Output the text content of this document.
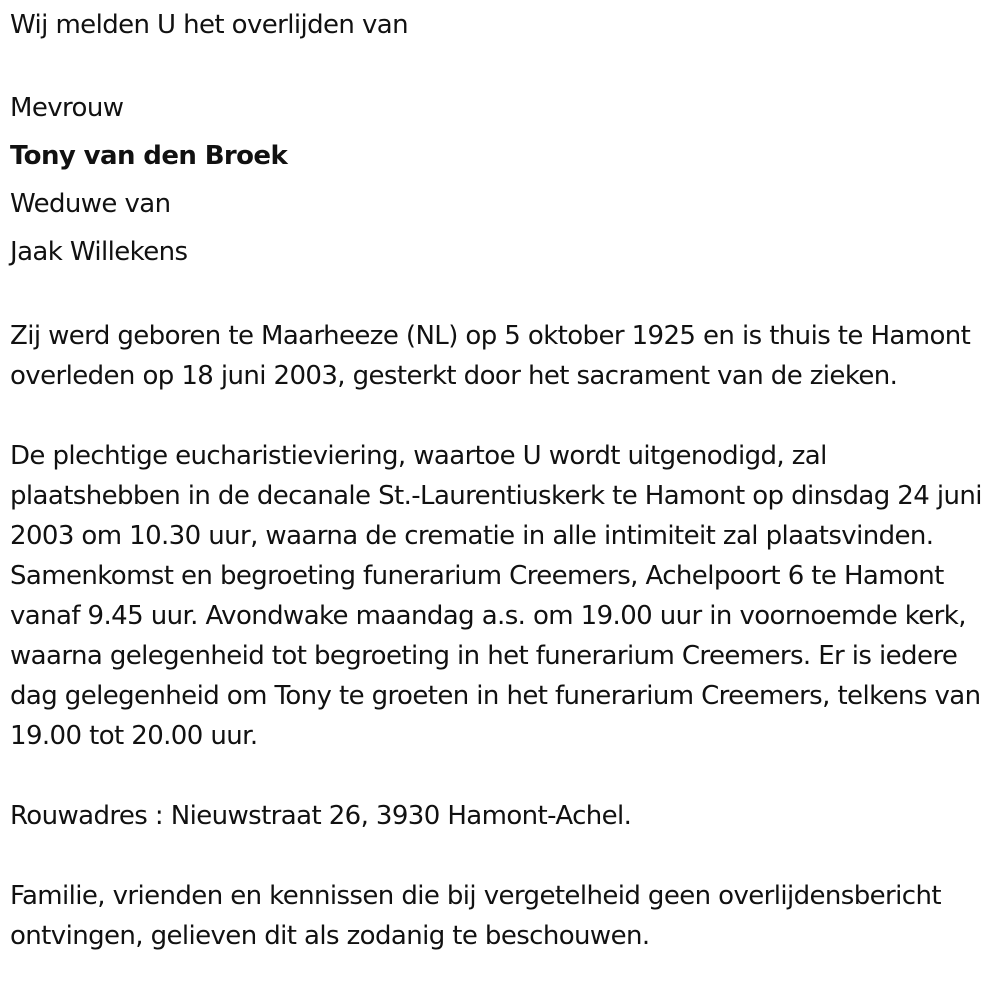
Wij melden U het overlijden van
Mevrouw
Tony van den Broek
Weduwe van
Jaak Willekens
Zij werd geboren te Maarheeze (NL) op 5 oktober 1925 en is thuis te Hamont overleden op 18 juni 2003, gesterkt door het sacrament van de zieken.
De plechtige eucharistieviering, waartoe U wordt uitgenodigd, zal plaatshebben in de decanale St.-Laurentiuskerk te Hamont op dinsdag 24 juni 2003 om 10.30 uur, waarna de crematie in alle intimiteit zal plaatsvinden. Samenkomst en begroeting funerarium Creemers, Achelpoort 6 te Hamont vanaf 9.45 uur. Avondwake maandag a.s. om 19.00 uur in voornoemde kerk, waarna gelegenheid tot begroeting in het funerarium Creemers. Er is iedere dag gelegenheid om Tony te groeten in het funerarium Creemers, telkens van 19.00 tot 20.00 uur.
Rouwadres : Nieuwstraat 26, 3930 Hamont-Achel.
Familie, vrienden en kennissen die bij vergetelheid geen overlijdensbericht ontvingen, gelieven dit als zodanig te beschouwen.
